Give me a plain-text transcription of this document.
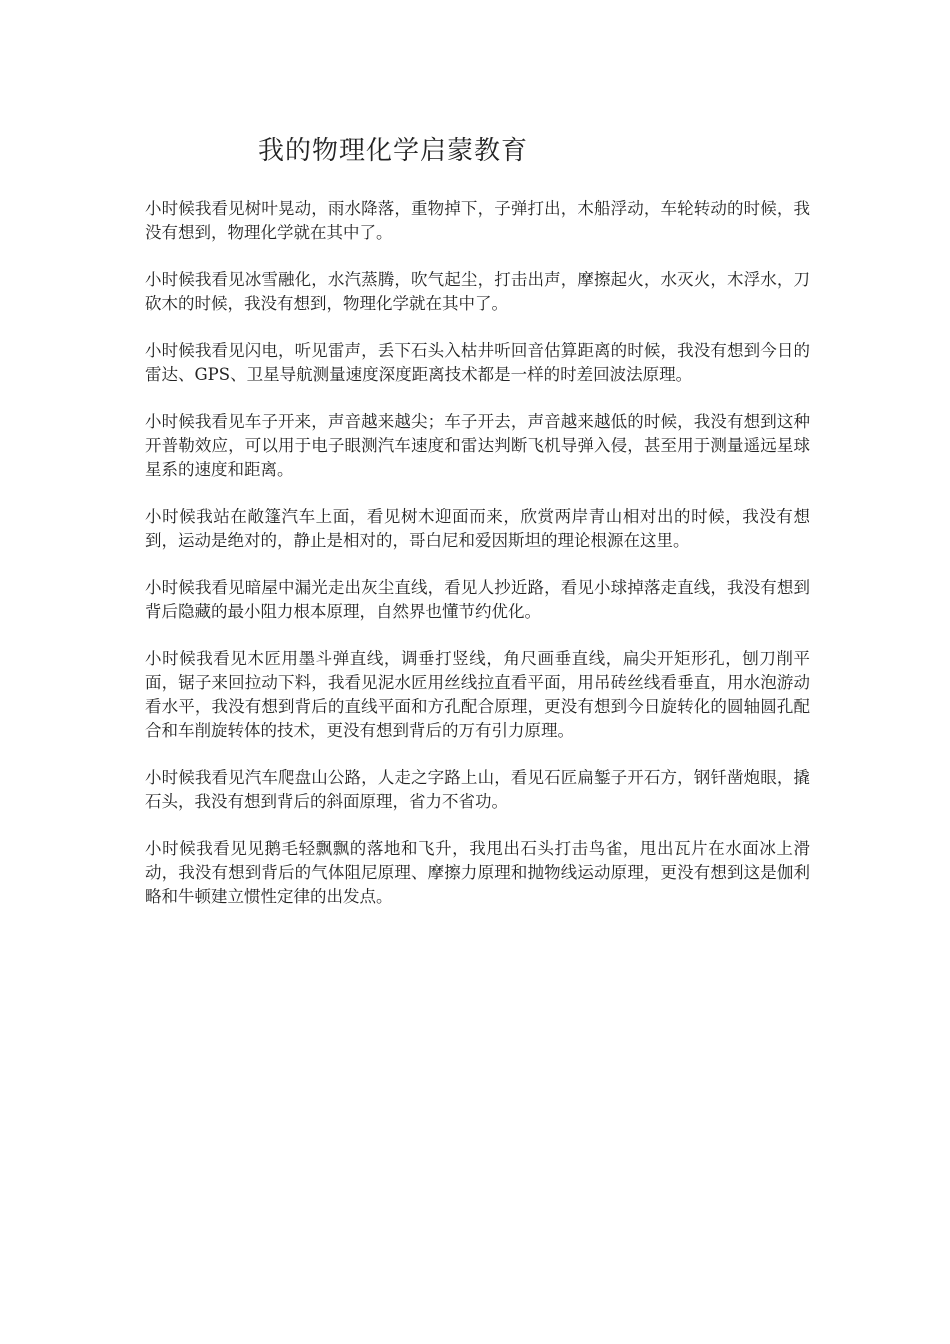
我的物理化学启蒙教育

小时候我看见树叶晃动，雨水降落，重物掉下，子弹打出，木船浮动，车轮转动的时候，我没有想到，物理化学就在其中了。

小时候我看见冰雪融化，水汽蒸腾，吹气起尘，打击出声，摩擦起火，水灭火，木浮水，刀砍木的时候，我没有想到，物理化学就在其中了。

小时候我看见闪电，听见雷声，丢下石头入枯井听回音估算距离的时候，我没有想到今日的雷达、GPS、卫星导航测量速度深度距离技术都是一样的时差回波法原理。

小时候我看见车子开来，声音越来越尖；车子开去，声音越来越低的时候，我没有想到这种开普勒效应，可以用于电子眼测汽车速度和雷达判断飞机导弹入侵，甚至用于测量遥远星球星系的速度和距离。

小时候我站在敞篷汽车上面，看见树木迎面而来，欣赏两岸青山相对出的时候，我没有想到，运动是绝对的，静止是相对的，哥白尼和爱因斯坦的理论根源在这里。

小时候我看见暗屋中漏光走出灰尘直线，看见人抄近路，看见小球掉落走直线，我没有想到背后隐藏的最小阻力根本原理，自然界也懂节约优化。

小时候我看见木匠用墨斗弹直线，调垂打竖线，角尺画垂直线，扁尖开矩形孔，刨刀削平面，锯子来回拉动下料，我看见泥水匠用丝线拉直看平面，用吊砖丝线看垂直，用水泡游动看水平，我没有想到背后的直线平面和方孔配合原理，更没有想到今日旋转化的圆轴圆孔配合和车削旋转体的技术，更没有想到背后的万有引力原理。

小时候我看见汽车爬盘山公路，人走之字路上山，看见石匠扁錾子开石方，钢钎凿炮眼，撬石头，我没有想到背后的斜面原理，省力不省功。

小时候我看见见鹅毛轻飘飘的落地和飞升，我甩出石头打击鸟雀，甩出瓦片在水面冰上滑动，我没有想到背后的气体阻尼原理、摩擦力原理和抛物线运动原理，更没有想到这是伽利略和牛顿建立惯性定律的出发点。
